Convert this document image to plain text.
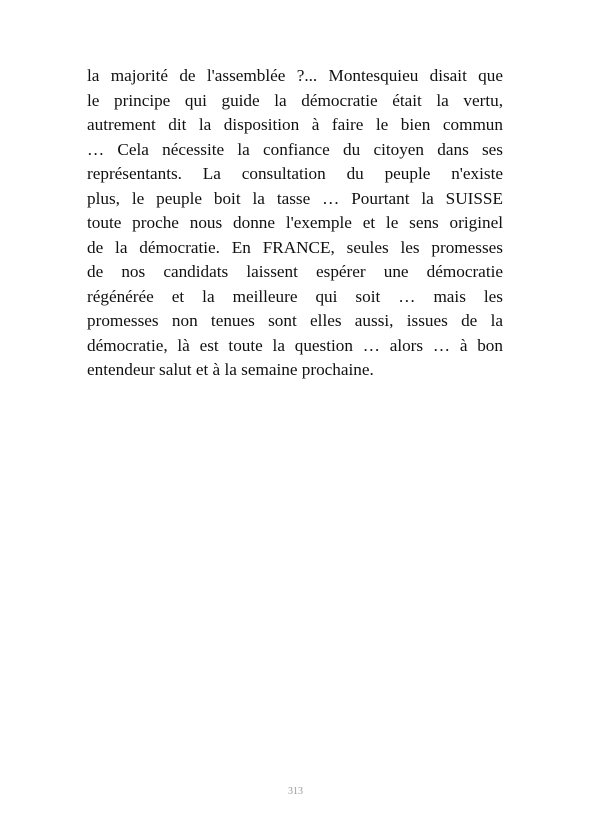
la majorité de l'assemblée ?... Montesquieu disait que
le principe qui guide la démocratie était la vertu,
autrement dit la disposition à faire le bien commun
… Cela nécessite la confiance du citoyen dans ses
représentants. La consultation du peuple n'existe
plus, le peuple boit la tasse … Pourtant la SUISSE
toute proche nous donne l'exemple et le sens originel
de la démocratie. En FRANCE, seules les promesses
de nos candidats laissent espérer une démocratie
régénérée et la meilleure qui soit … mais les
promesses non tenues sont elles aussi, issues de la
démocratie, là est toute la question … alors … à bon
entendeur salut et à la semaine prochaine.
313
